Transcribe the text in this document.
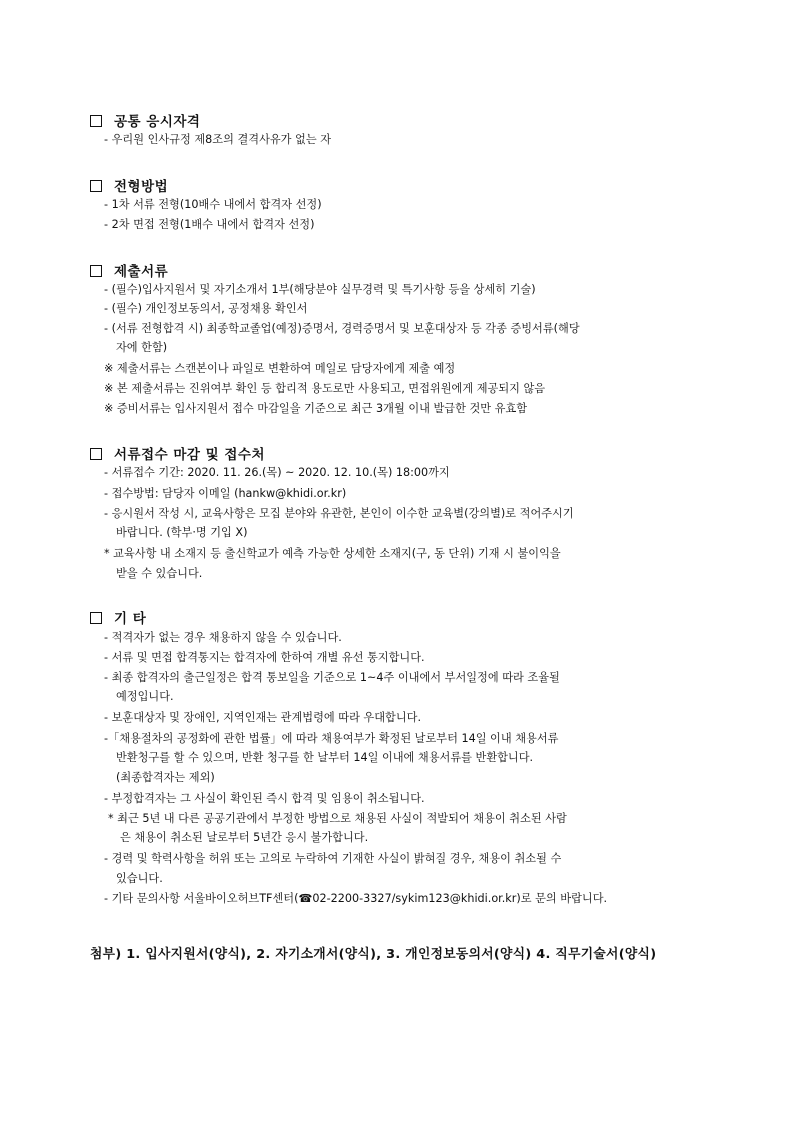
공통 응시자격
- 우리원 인사규정 제8조의 결격사유가 없는 자
전형방법
- 1차 서류 전형(10배수 내에서 합격자 선정)
- 2차 면접 전형(1배수 내에서 합격자 선정)
제출서류
- (필수)입사지원서 및 자기소개서 1부(해당분야 실무경력 및 특기사항 등을 상세히 기술)
- (필수) 개인정보동의서, 공정채용 확인서
- (서류 전형합격 시) 최종학교졸업(예정)증명서, 경력증명서 및 보훈대상자 등 각종 증빙서류(해당
자에 한함)
※ 제출서류는 스캔본이나 파일로 변환하여 메일로 담당자에게 제출 예정
※ 본 제출서류는 진위여부 확인 등 합리적 용도로만 사용되고, 면접위원에게 제공되지 않음
※ 증비서류는 입사지원서 접수 마감일을 기준으로 최근 3개월 이내 발급한 것만 유효함
서류접수 마감 및 접수처
- 서류접수 기간: 2020. 11. 26.(목) ~ 2020. 12. 10.(목) 18:00까지
- 접수방법: 담당자 이메일 (hankw@khidi.or.kr)
- 응시원서 작성 시, 교육사항은 모집 분야와 유관한, 본인이 이수한 교육별(강의별)로 적어주시기
바랍니다. (학부·명 기입 X)
* 교육사항 내 소재지 등 출신학교가 예측 가능한 상세한 소재지(구, 동 단위) 기재 시 불이익을
받을 수 있습니다.
기 타
- 적격자가 없는 경우 채용하지 않을 수 있습니다.
- 서류 및 면접 합격통지는 합격자에 한하여 개별 유선 통지합니다.
- 최종 합격자의 출근일정은 합격 통보일을 기준으로 1~4주 이내에서 부서일정에 따라 조율될
예정입니다.
- 보훈대상자 및 장애인, 지역인재는 관계법령에 따라 우대합니다.
-「채용절차의 공정화에 관한 법률」에 따라 채용여부가 확정된 날로부터 14일 이내 채용서류
반환청구를 할 수 있으며, 반환 청구를 한 날부터 14일 이내에 채용서류를 반환합니다.
(최종합격자는 제외)
- 부정합격자는 그 사실이 확인된 즉시 합격 및 임용이 취소됩니다.
* 최근 5년 내 다른 공공기관에서 부정한 방법으로 채용된 사실이 적발되어 채용이 취소된 사람
은 채용이 취소된 날로부터 5년간 응시 불가합니다.
- 경력 및 학력사항을 허위 또는 고의로 누락하여 기재한 사실이 밝혀질 경우, 채용이 취소될 수
있습니다.
- 기타 문의사항 서울바이오허브TF센터(☎02-2200-3327/sykim123@khidi.or.kr)로 문의 바랍니다.
첨부) 1. 입사지원서(양식), 2. 자기소개서(양식), 3. 개인정보동의서(양식) 4. 직무기술서(양식)
